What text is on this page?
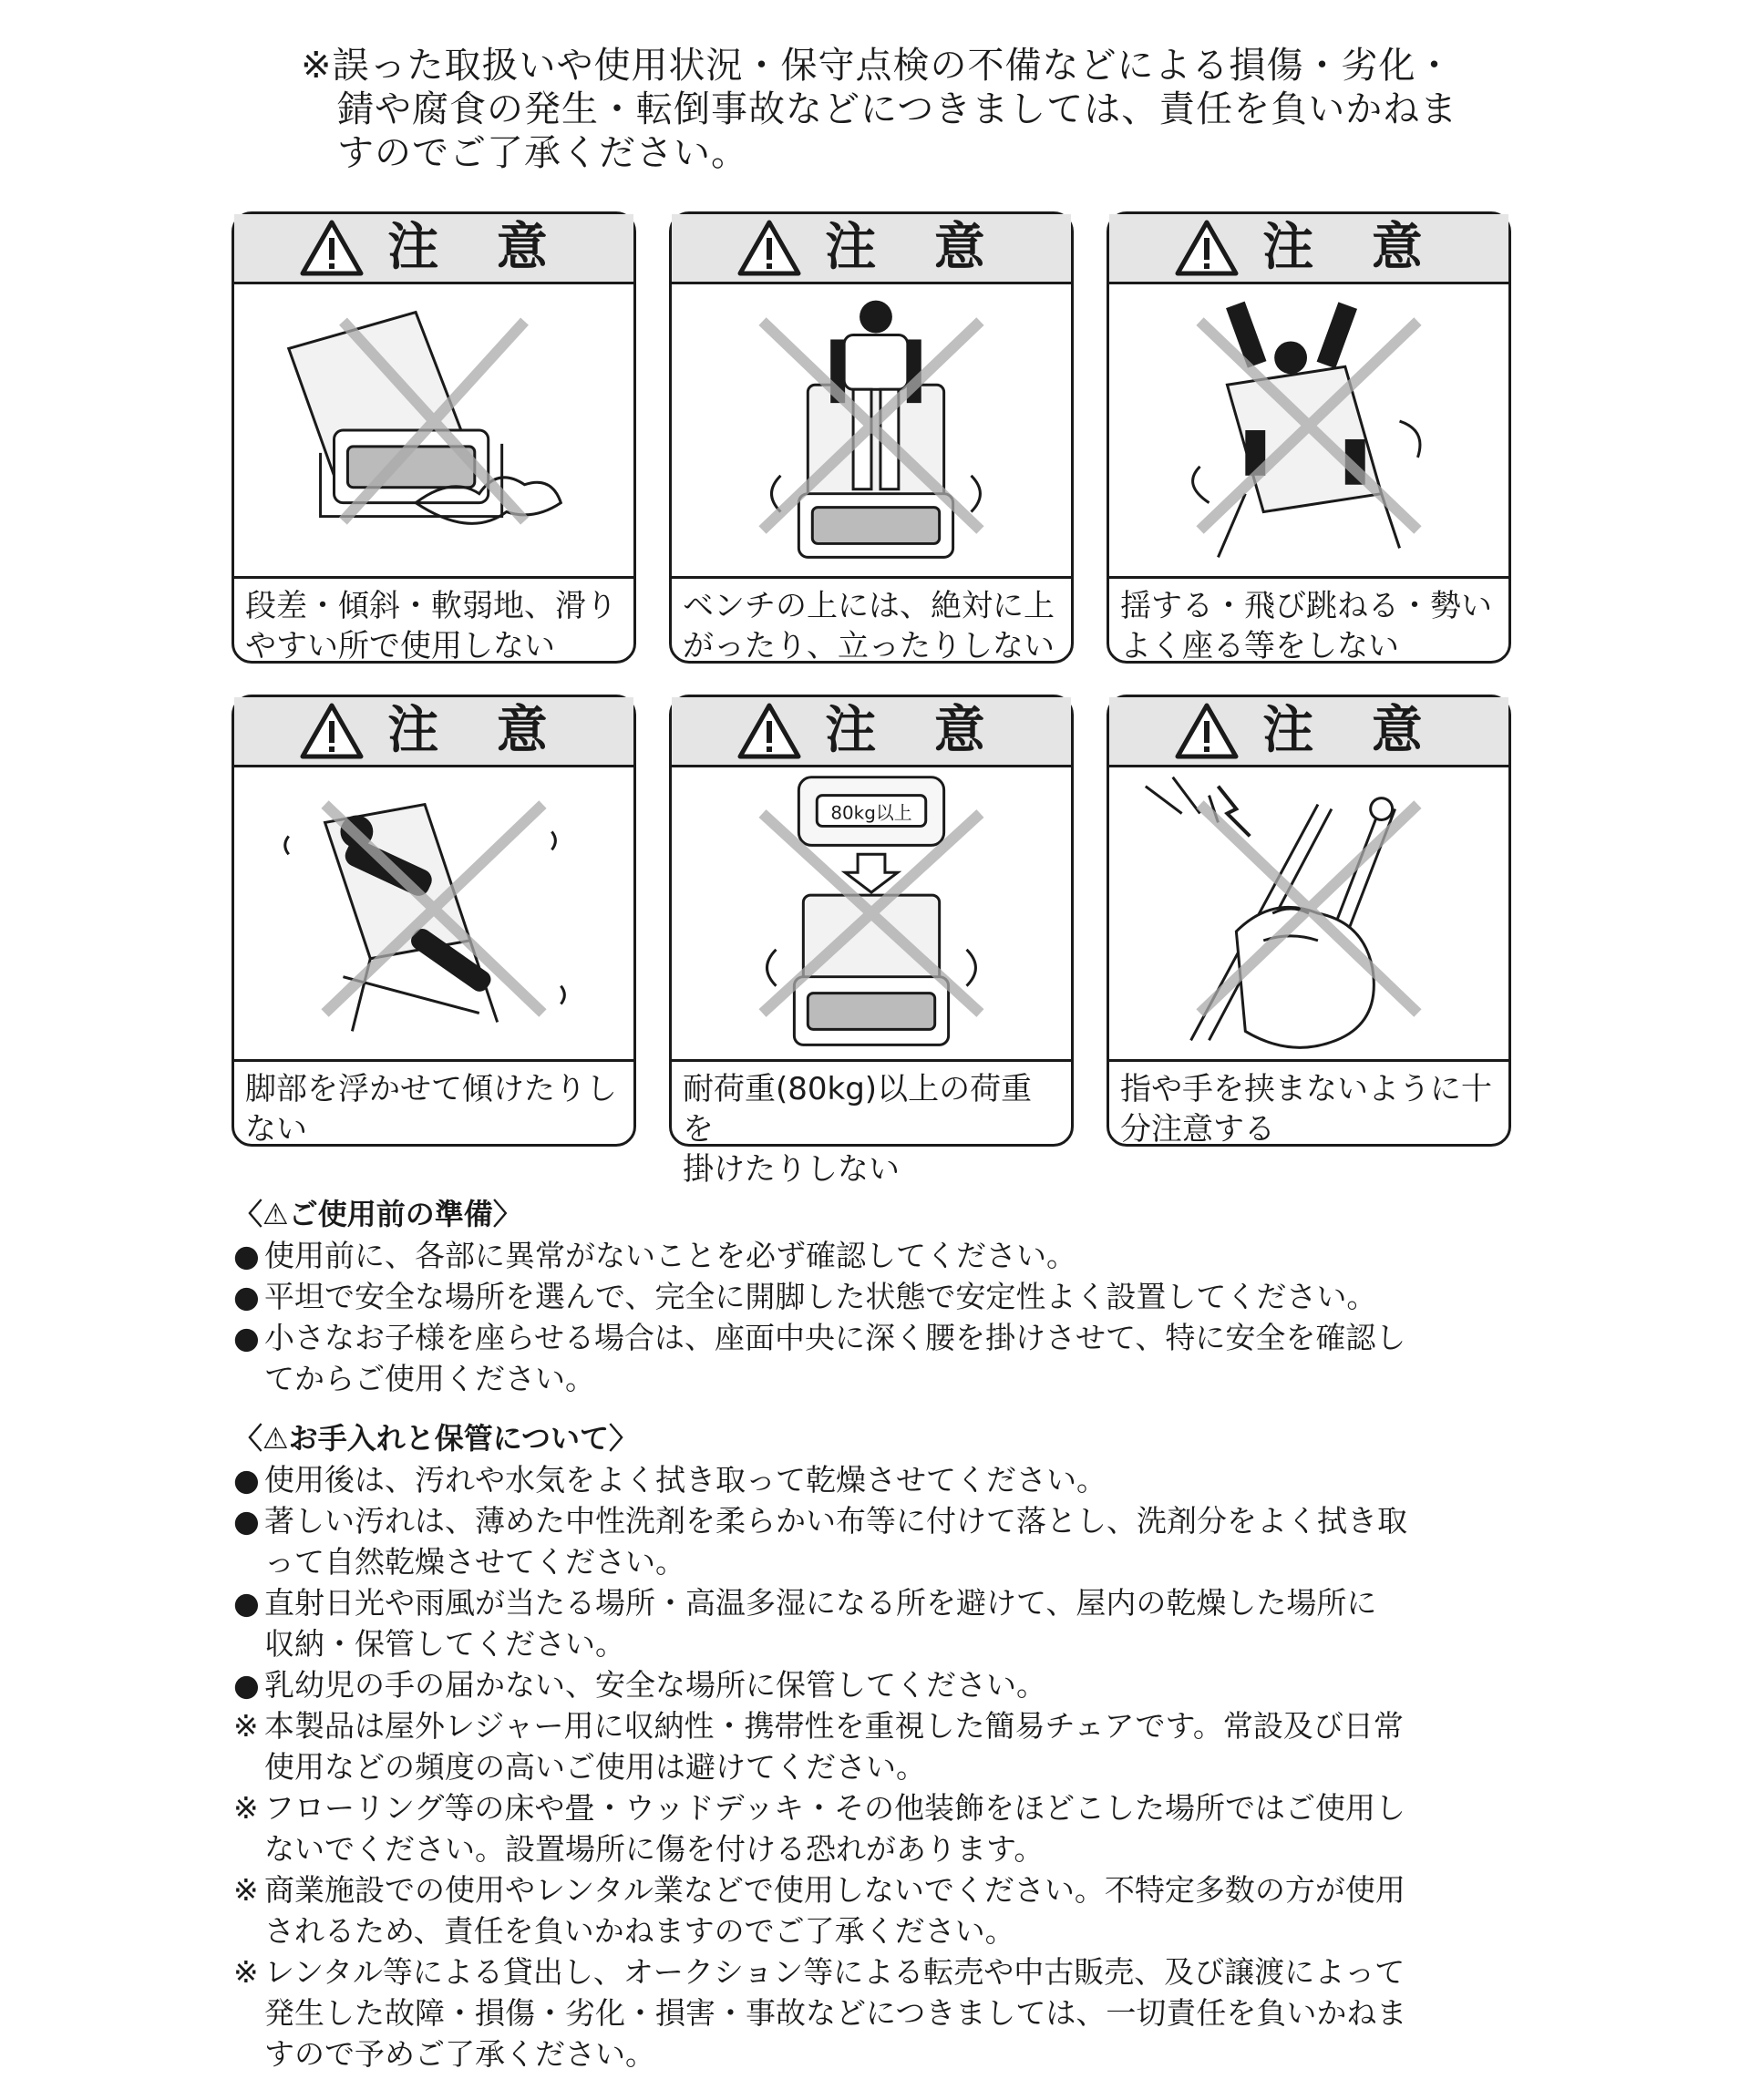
※誤った取扱いや使用状況・保守点検の不備などによる損傷・劣化・
錆や腐食の発生・転倒事故などにつきましては、責任を負いかねま
すのでご了承ください。
注 意
段差・傾斜・軟弱地、滑り
やすい所で使用しない
注 意
ベンチの上には、絶対に上
がったり、立ったりしない
注 意
揺する・飛び跳ねる・勢い
よく座る等をしない
注 意
脚部を浮かせて傾けたりし
ない
注 意
80kg以上
耐荷重(80kg)以上の荷重を
掛けたりしない
注 意
指や手を挟まないように十
分注意する
〈⚠ご使用前の準備〉
● 使用前に、各部に異常がないことを必ず確認してください。
● 平坦で安全な場所を選んで、完全に開脚した状態で安定性よく設置してください。
● 小さなお子様を座らせる場合は、座面中央に深く腰を掛けさせて、特に安全を確認し
てからご使用ください。
〈⚠お手入れと保管について〉
● 使用後は、汚れや水気をよく拭き取って乾燥させてください。
● 著しい汚れは、薄めた中性洗剤を柔らかい布等に付けて落とし、洗剤分をよく拭き取
って自然乾燥させてください。
● 直射日光や雨風が当たる場所・高温多湿になる所を避けて、屋内の乾燥した場所に
収納・保管してください。
● 乳幼児の手の届かない、安全な場所に保管してください。
※ 本製品は屋外レジャー用に収納性・携帯性を重視した簡易チェアです。常設及び日常
使用などの頻度の高いご使用は避けてください。
※ フローリング等の床や畳・ウッドデッキ・その他装飾をほどこした場所ではご使用し
ないでください。設置場所に傷を付ける恐れがあります。
※ 商業施設での使用やレンタル業などで使用しないでください。不特定多数の方が使用
されるため、責任を負いかねますのでご了承ください。
※ レンタル等による貸出し、オークション等による転売や中古販売、及び譲渡によって
発生した故障・損傷・劣化・損害・事故などにつきましては、一切責任を負いかねま
すので予めご了承ください。
